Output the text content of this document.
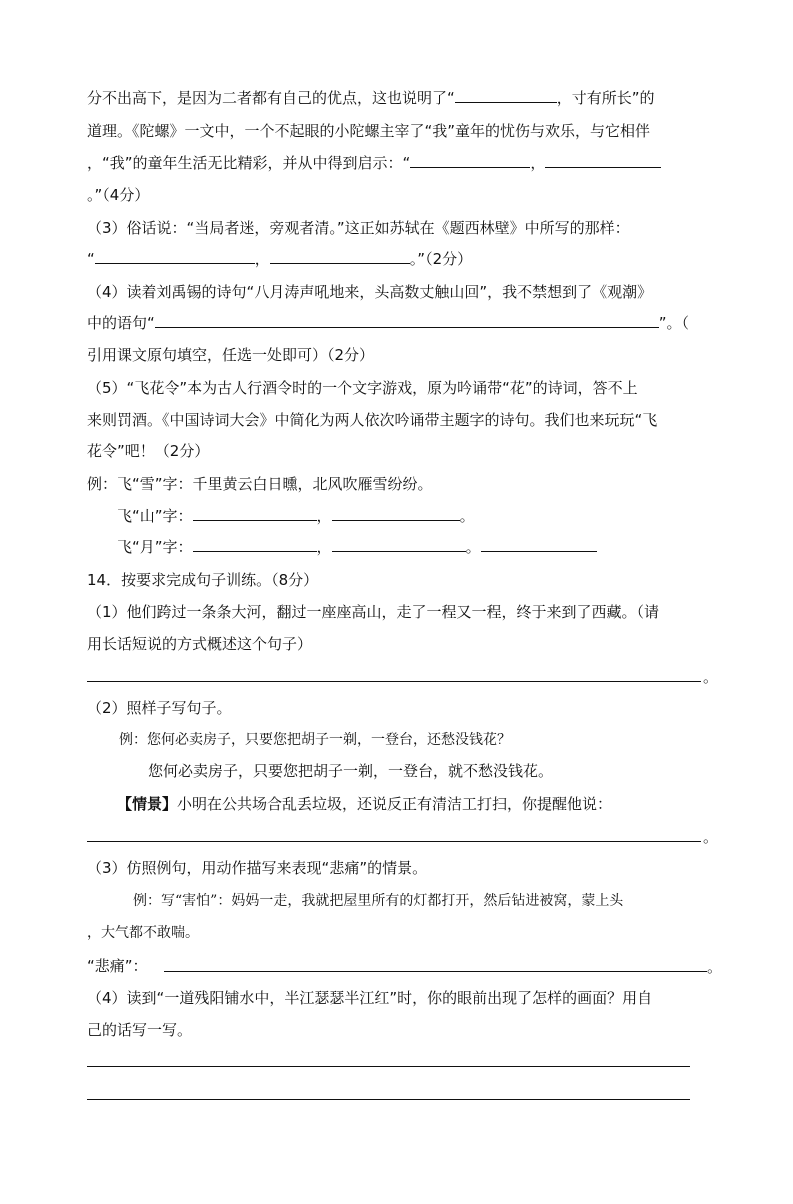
分不出高下，是因为二者都有自己的优点，这也说明了“	，寸有所长”的
道理。《陀螺》一文中，一个不起眼的小陀螺主宰了“我”童年的忧伤与欢乐，与它相伴
，“我”的童年生活无比精彩，并从中得到启示：“	，
。”（4分）
（3）俗话说：“当局者迷，旁观者清。”这正如苏轼在《题西林壁》中所写的那样：
“	，	。”（2分）
（4）读着刘禹锡的诗句“八月涛声吼地来，头高数丈触山回”，我不禁想到了《观潮》
中的语句“	”。（
引用课文原句填空，任选一处即可）（2分）
（5）“飞花令”本为古人行酒令时的一个文字游戏，原为吟诵带“花”的诗词，答不上
来则罚酒。《中国诗词大会》中简化为两人依次吟诵带主题字的诗句。我们也来玩玩“飞
花令”吧！（2分）
例：飞“雪”字：千里黄云白日曛，北风吹雁雪纷纷。
飞“山”字：	，	。
飞“月”字：	，	。
14．按要求完成句子训练。（8分）
（1）他们跨过一条条大河，翻过一座座高山，走了一程又一程，终于来到了西藏。（请
用长话短说的方式概述这个句子）
。
（2）照样子写句子。
例：您何必卖房子，只要您把胡子一剃，一登台，还愁没钱花？
您何必卖房子，只要您把胡子一剃，一登台，就不愁没钱花。
【情景】小明在公共场合乱丢垃圾，还说反正有清洁工打扫，你提醒他说：
。
（3）仿照例句，用动作描写来表现“悲痛”的情景。
例：写“害怕”：妈妈一走，我就把屋里所有的灯都打开，然后钻进被窝，蒙上头
，大气都不敢喘。
“悲痛”：	。
（4）读到“一道残阳铺水中，半江瑟瑟半江红”时，你的眼前出现了怎样的画面？用自
己的话写一写。
